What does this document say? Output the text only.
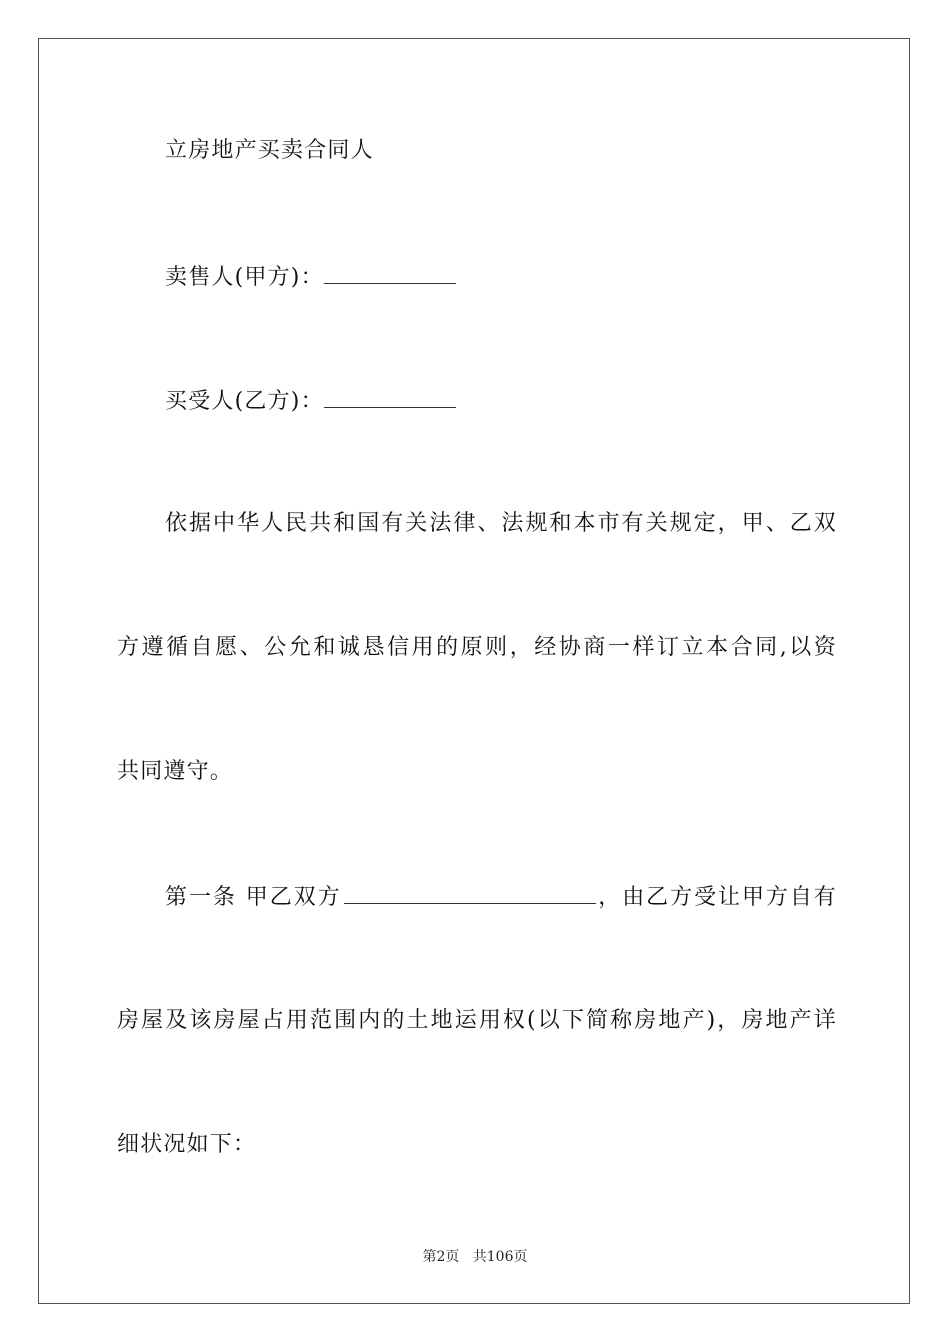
立房地产买卖合同人
卖售人(甲方)：
买受人(乙方)：
依据中华人民共和国有关法律、法规和本市有关规定，甲、乙双
方遵循自愿、公允和诚恳信用的原则，经协商一样订立本合同,以资
共同遵守。
第一条 甲乙双方	，由乙方受让甲方自有
房屋及该房屋占用范围内的土地运用权(以下简称房地产)，房地产详
细状况如下：
第2页 共106页
